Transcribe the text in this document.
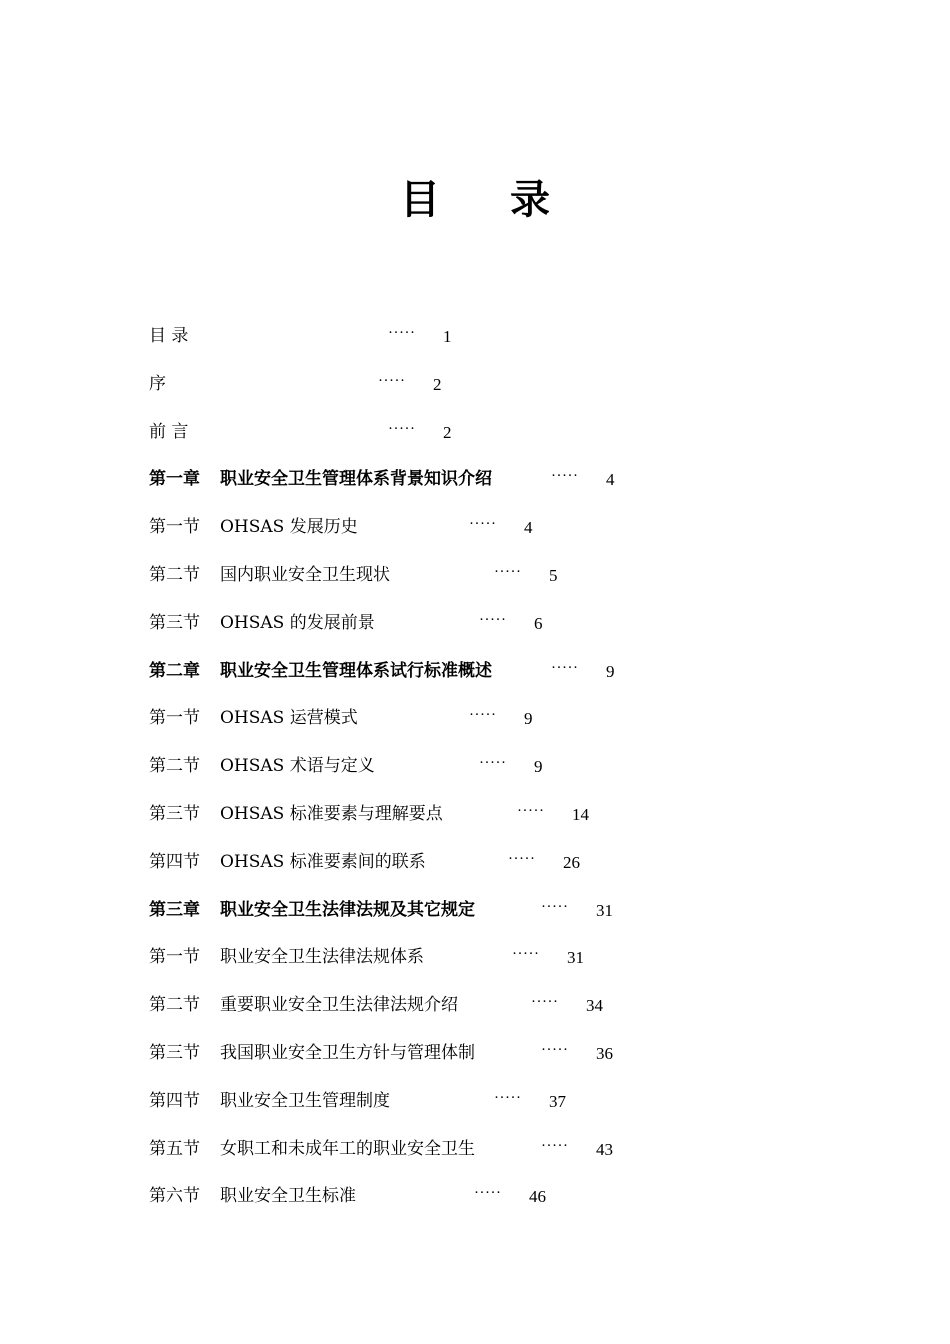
目 录
目 录	····· 1
序	····· 2
前 言	····· 2
第一章 职业安全卫生管理体系背景知识介绍	····· 4
第一节 OHSAS 发展历史	····· 4
第二节 国内职业安全卫生现状	····· 5
第三节 OHSAS 的发展前景	····· 6
第二章 职业安全卫生管理体系试行标准概述	····· 9
第一节 OHSAS 运营模式	····· 9
第二节 OHSAS 术语与定义	····· 9
第三节 OHSAS 标准要素与理解要点	····· 14
第四节 OHSAS 标准要素间的联系	····· 26
第三章 职业安全卫生法律法规及其它规定	····· 31
第一节 职业安全卫生法律法规体系	····· 31
第二节 重要职业安全卫生法律法规介绍	····· 34
第三节 我国职业安全卫生方针与管理体制	····· 36
第四节 职业安全卫生管理制度	····· 37
第五节 女职工和未成年工的职业安全卫生	····· 43
第六节 职业安全卫生标准	····· 46
